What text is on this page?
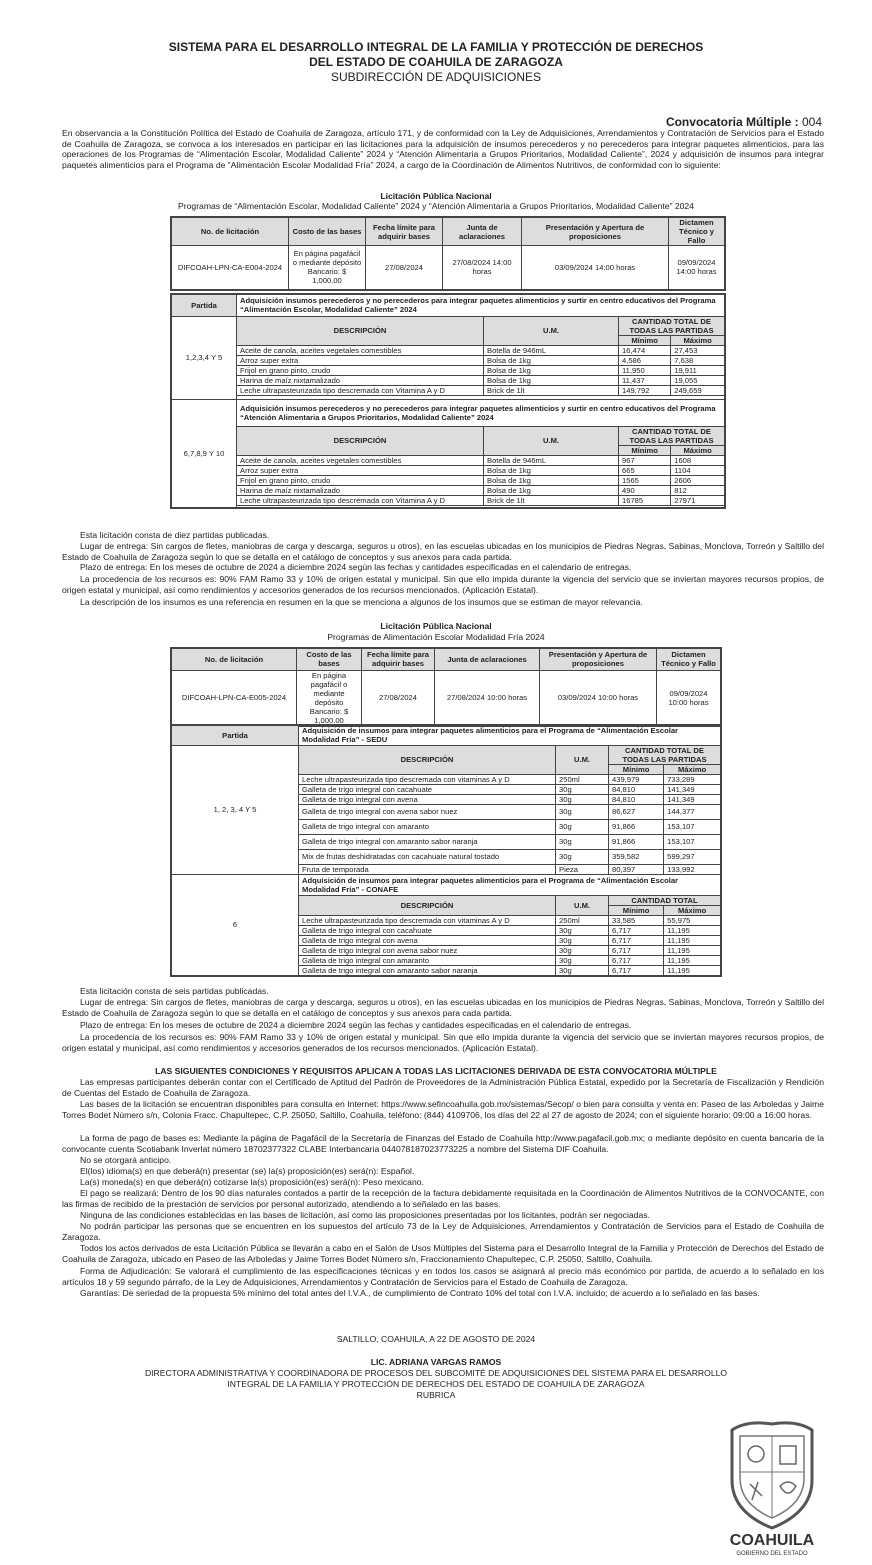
SISTEMA PARA EL DESARROLLO INTEGRAL DE LA FAMILIA Y PROTECCIÓN DE DERECHOS
DEL ESTADO DE COAHUILA DE ZARAGOZA
SUBDIRECCIÓN DE ADQUISICIONES
Convocatoria Múltiple : 004
En observancia a la Constitución Política del Estado de Coahuila de Zaragoza, artículo 171, y de conformidad con la Ley de Adquisiciones, Arrendamientos y Contratación de Servicios para el Estado de Coahuila de Zaragoza, se convoca a los interesados en participar en las licitaciones para la adquisición de insumos perecederos y no perecederos para integrar paquetes alimenticios, para las operaciones de los Programas de “Alimentación Escolar, Modalidad Caliente” 2024 y “Atención Alimentaria a Grupos Prioritarios, Modalidad Caliente”, 2024 y adquisición de insumos para integrar paquetes alimenticios para el Programa de “Alimentación Escolar Modalidad Fría” 2024, a cargo de la Coordinación de Alimentos Nutritivos, de conformidad con lo siguiente:
Licitación Pública Nacional
Programas de “Alimentación Escolar, Modalidad Caliente” 2024 y “Atención Alimentaria a Grupos Prioritarios, Modalidad Caliente” 2024
No. de licitación	Costo de las bases	Fecha límite para adquirir bases	Junta de aclaraciones	Presentación y Apertura de proposiciones	Dictamen Técnico y Fallo
DIFCOAH-LPN-CA-E004-2024	En página pagafácil o mediante depósito Bancario: $ 1,000.00	27/08/2024	27/08/2024 14:00 horas	03/09/2024 14:00 horas	09/09/2024 14:00 horas
Partida	Adquisición insumos perecederos y no perecederos para integrar paquetes alimenticios y surtir en centro educativos del Programa “Alimentación Escolar, Modalidad Caliente” 2024			
1,2,3,4 Y 5	DESCRIPCIÓN	U.M.	CANTIDAD TOTAL DE TODAS LAS PARTIDAS	
			Mínimo	Máximo
	Aceite de canola, aceites vegetales comestibles	Botella de 946mL	16,474	27,453
	Arroz super extra	Bolsa de 1kg	4,586	7,638
	Frijol en grano pinto, crudo	Bolsa de 1kg	11,950	19,911
	Harina de maíz nixtamalizado	Bolsa de 1kg	11,437	19,055
	Leche ultrapasteurizada tipo descremada con Vitamina A y D	Brick de 1lt	149,792	249,659

6,7,8,9 Y 10	Adquisición insumos perecederos y no perecederos para integrar paquetes alimenticios y surtir en centro educativos del Programa “Atención Alimentaria a Grupos Prioritarios, Modalidad Caliente” 2024			
	DESCRIPCIÓN	U.M.	CANTIDAD TOTAL DE TODAS LAS PARTIDAS	
			Mínimo	Máximo
	Aceite de canola, aceites vegetales comestibles	Botella de 946mL	967	1608
	Arroz super extra	Bolsa de 1kg	665	1104
	Frijol en grano pinto, crudo	Bolsa de 1kg	1565	2606
	Harina de maíz nixtamalizado	Bolsa de 1kg	490	812
	Leche ultrapasteurizada tipo descremada con Vitamina A y D	Brick de 1lt	16785	27971

Esta licitación consta de diez partidas publicadas.
Lugar de entrega: Sin cargos de fletes, maniobras de carga y descarga, seguros u otros), en las escuelas ubicadas en los municipios de Piedras Negras, Sabinas, Monclova, Torreón y Saltillo del Estado de Coahuila de Zaragoza según lo que se detalla en el catálogo de conceptos y sus anexos para cada partida.
Plazo de entrega: En los meses de octubre de 2024 a diciembre 2024 según las fechas y cantidades especificadas en el calendario de entregas.
La procedencia de los recursos es: 90% FAM Ramo 33 y 10% de origen estatal y municipal. Sin que ello impida durante la vigencia del servicio que se inviertan mayores recursos propios, de origen estatal y municipal, así como rendimientos y accesorios generados de los recursos mencionados. (Aplicación Estatal).
La descripción de los insumos es una referencia en resumen en la que se menciona a algunos de los insumos que se estiman de mayor relevancia.
Licitación Pública Nacional
Programas de Alimentación Escolar Modalidad Fría 2024
No. de licitación	Costo de las bases	Fecha límite para adquirir bases	Junta de aclaraciones	Presentación y Apertura de proposiciones	Dictamen Técnico y Fallo
DIFCOAH-LPN-CA-E005-2024	En página pagafácil o mediante depósito Bancario: $ 1,000.00	27/08/2024	27/08/2024 10:00 horas	03/09/2024 10:00 horas	09/09/2024 10:00 horas
Partida	Adquisición de insumos para integrar paquetes alimenticios para el Programa de “Alimentación Escolar Modalidad Fría” - SEDU			
1, 2, 3, 4 Y 5	DESCRIPCIÓN	U.M.	CANTIDAD TOTAL DE TODAS LAS PARTIDAS	
			Mínimo	Máximo
	Leche ultrapasteurizada tipo descremada con vitaminas A y D	250ml	439,979	733,289
	Galleta de trigo integral con cacahuate	30g	84,810	141,349
	Galleta de trigo integral con avena	30g	84,810	141,349
	Galleta de trigo integral con avena sabor nuez	30g	86,627	144,377
	Galleta de trigo integral con amaranto	30g	91,866	153,107
	Galleta de trigo integral con amaranto sabor naranja	30g	91,866	153,107
	Mix de frutas deshidratadas con cacahuate natural tostado	30g	359,582	599,297
	Fruta de temporada	Pieza	80,397	133,992
6	Adquisición de insumos para integrar paquetes alimenticios para el Programa de “Alimentación Escolar Modalidad Fría” - CONAFE			
	DESCRIPCIÓN	U.M.	CANTIDAD TOTAL	
			Mínimo	Máximo
	Leche ultrapasteurizada tipo descremada con vitaminas A y D	250ml	33,585	55,975
	Galleta de trigo integral con cacahuate	30g	6,717	11,195
	Galleta de trigo integral con avena	30g	6,717	11,195
	Galleta de trigo integral con avena sabor nuez	30g	6,717	11,195
	Galleta de trigo integral con amaranto	30g	6,717	11,195
	Galleta de trigo integral con amaranto sabor naranja	30g	6,717	11,195
Esta licitación consta de seis partidas publicadas.
Lugar de entrega: Sin cargos de fletes, maniobras de carga y descarga, seguros u otros), en las escuelas ubicadas en los municipios de Piedras Negras, Sabinas, Monclova, Torreón y Saltillo del Estado de Coahuila de Zaragoza según lo que se detalla en el catálogo de conceptos y sus anexos para cada partida.
Plazo de entrega: En los meses de octubre de 2024 a diciembre 2024 según las fechas y cantidades especificadas en el calendario de entregas.
La procedencia de los recursos es: 90% FAM Ramo 33 y 10% de origen estatal y municipal. Sin que ello impida durante la vigencia del servicio que se inviertan mayores recursos propios, de origen estatal y municipal, así como rendimientos y accesorios generados de los recursos mencionados. (Aplicación Estatal).
LAS SIGUIENTES CONDICIONES Y REQUISITOS APLICAN A TODAS LAS LICITACIONES DERIVADA DE ESTA CONVOCATORIA MÚLTIPLE
Las empresas participantes deberán contar con el Certificado de Aptitud del Padrón de Proveedores de la Administración Pública Estatal, expedido por la Secretaría de Fiscalización y Rendición de Cuentas del Estado de Coahuila de Zaragoza.
Las bases de la licitación se encuentran disponibles para consulta en Internet: https://www.sefincoahuila.gob.mx/sistemas/Secop/ o bien para consulta y venta en: Paseo de las Arboledas y Jaime Torres Bodet Número s/n, Colonia Fracc. Chapultepec, C.P. 25050, Saltillo, Coahuila, teléfono: (844) 4109706, los días del 22 al 27 de agosto de 2024; con el siguiente horario: 09:00 a 16:00 horas.
La forma de pago de bases es: Mediante la página de Pagafácil de la Secretaría de Finanzas del Estado de Coahuila http://www.pagafacil.gob.mx; o mediante depósito en cuenta bancaria de la convocante cuenta Scotiabank Inverlat número 18702377322 CLABE Interbancaria 044078187023773225 a nombre del Sistema DIF Coahuila.
No se otorgará anticipo.
El(los) idioma(s) en que deberá(n) presentar (se) la(s) proposición(es) será(n): Español.
La(s) moneda(s) en que deberá(n) cotizarse la(s) proposición(es) será(n): Peso mexicano.
El pago se realizará: Dentro de los 90 días naturales contados a partir de la recepción de la factura debidamente requisitada en la Coordinación de Alimentos Nutritivos de la CONVOCANTE, con las firmas de recibido de la prestación de servicios por personal autorizado, atendiendo a lo señalado en las bases.
Ninguna de las condiciones establecidas en las bases de licitación, así como las proposiciones presentadas por los licitantes, podrán ser negociadas.
No podrán participar las personas que se encuentren en los supuestos del artículo 73 de la Ley de Adquisiciones, Arrendamientos y Contratación de Servicios para el Estado de Coahuila de Zaragoza.
Todos los actos derivados de esta Licitación Pública se llevarán a cabo en el Salón de Usos Múltiples del Sistema para el Desarrollo Integral de la Familia y Protección de Derechos del Estado de Coahuila de Zaragoza, ubicado en Paseo de las Arboledas y Jaime Torres Bodet Número s/n, Fraccionamiento Chapultepec, C.P. 25050, Saltillo, Coahuila.
Forma de Adjudicación: Se valorará el cumplimiento de las especificaciones técnicas y en todos los casos se asignará al precio más económico por partida, de acuerdo a lo señalado en los artículos 18 y 59 segundo párrafo, de la Ley de Adquisiciones, Arrendamientos y Contratación de Servicios para el Estado de Coahuila de Zaragoza.
Garantías: De seriedad de la propuesta 5% mínimo del total antes del I.V.A., de cumplimiento de Contrato 10% del total con I.V.A. incluido; de acuerdo a lo señalado en las bases.
SALTILLO, COAHUILA, A 22 DE AGOSTO DE 2024
LIC. ADRIANA VARGAS RAMOS
DIRECTORA ADMINISTRATIVA Y COORDINADORA DE PROCESOS DEL SUBCOMITÉ DE ADQUISICIONES DEL SISTEMA PARA EL DESARROLLO
INTEGRAL DE LA FAMILIA Y PROTECCIÓN DE DERECHOS DEL ESTADO DE COAHUILA DE ZARAGOZA
RUBRICA
COAHUILA
GOBIERNO DEL ESTADO
